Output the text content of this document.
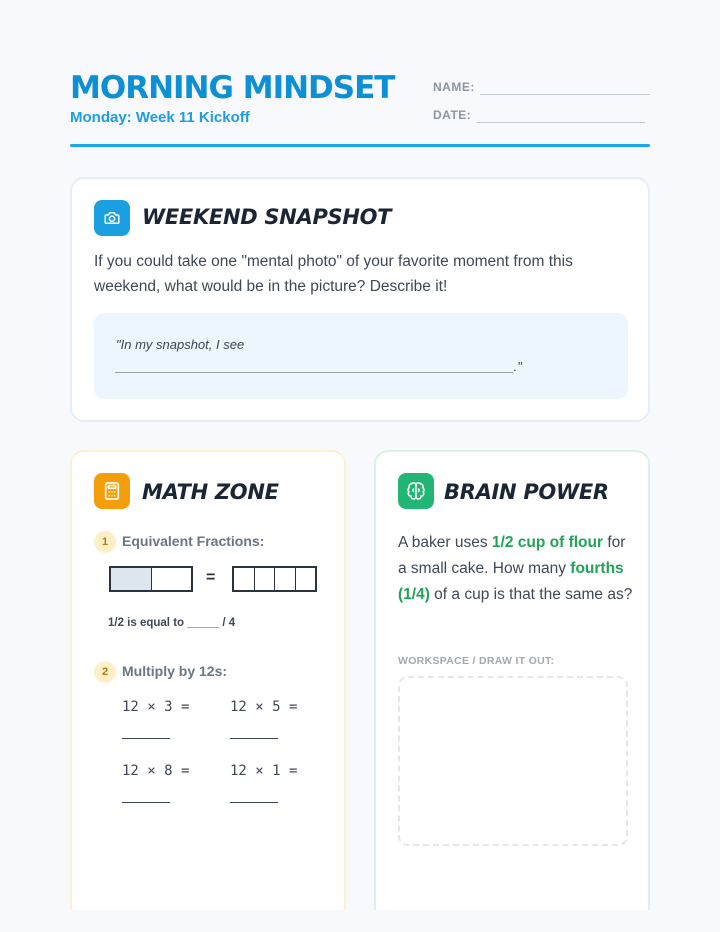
MORNING MINDSET
Monday: Week 11 Kickoff
NAME:
DATE:
WEEKEND SNAPSHOT
If you could take one "mental photo" of your favorite moment from this weekend, what would be in the picture? Describe it!
"In my snapshot, I see
_______________________________________________________."
MATH ZONE
1 Equivalent Fractions:
=
1/2 is equal to _____ / 4
2 Multiply by 12s:
12 × 3 =	12 × 5 =
12 × 8 =	12 × 1 =
BRAIN POWER
A baker uses 1/2 cup of flour for a small cake. How many fourths (1/4) of a cup is that the same as?
WORKSPACE / DRAW IT OUT:
